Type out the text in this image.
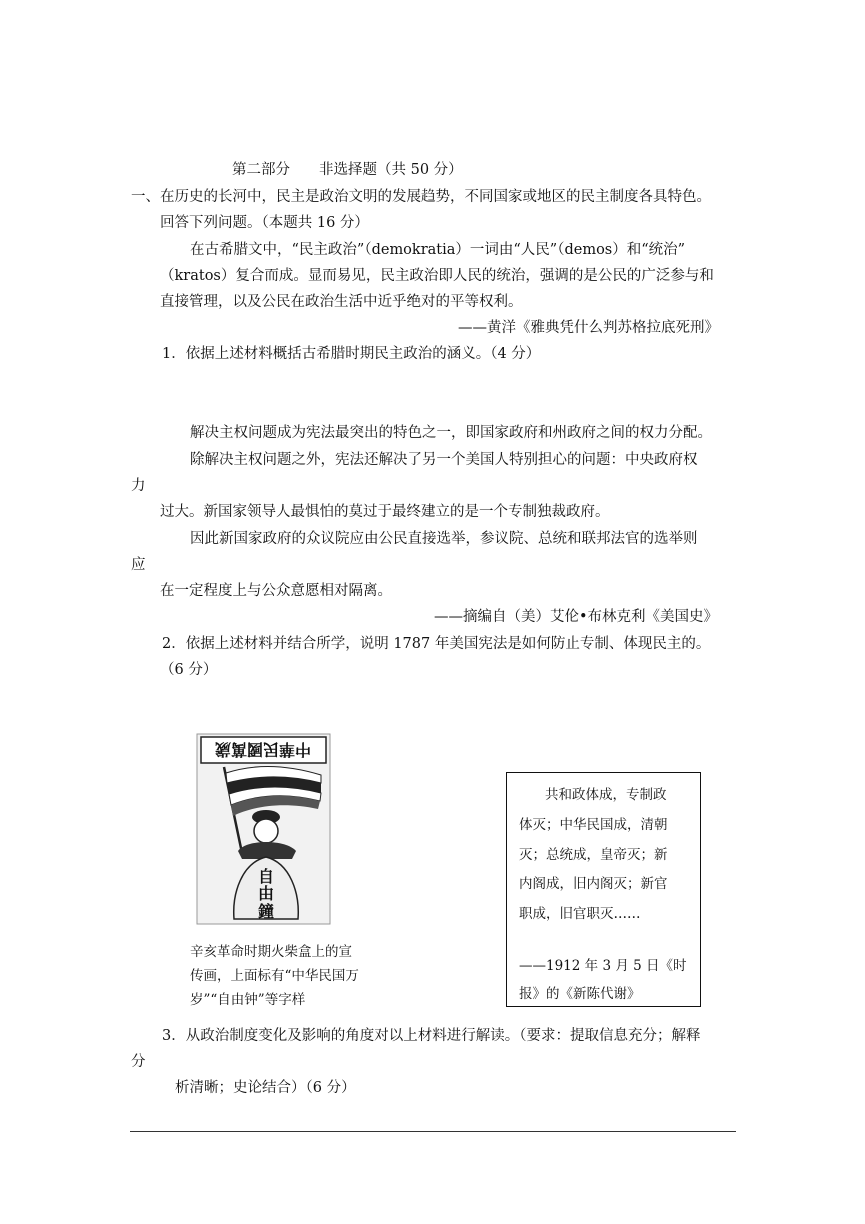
第二部分　　非选择题（共 50 分）
一、在历史的长河中，民主是政治文明的发展趋势，不同国家或地区的民主制度各具特色。
回答下列问题。（本题共 16 分）
在古希腊文中，“民主政治”（demokratia）一词由“人民”（demos）和“统治”
（kratos）复合而成。显而易见，民主政治即人民的统治，强调的是公民的广泛参与和
直接管理，以及公民在政治生活中近乎绝对的平等权利。
——黄洋《雅典凭什么判苏格拉底死刑》
1．依据上述材料概括古希腊时期民主政治的涵义。（4 分）
解决主权问题成为宪法最突出的特色之一，即国家政府和州政府之间的权力分配。
除解决主权问题之外，宪法还解决了另一个美国人特别担心的问题：中央政府权
力
过大。新国家领导人最惧怕的莫过于最终建立的是一个专制独裁政府。
因此新国家政府的众议院应由公民直接选举，参议院、总统和联邦法官的选举则
应
在一定程度上与公众意愿相对隔离。
——摘编自（美）艾伦•布林克利《美国史》
2．依据上述材料并结合所学，说明 1787 年美国宪法是如何防止专制、体现民主的。
（6 分）
中華民國萬歲
自
由
鐘
辛亥革命时期火柴盒上的宣
传画，上面标有“中华民国万
岁”“自由钟”等字样
共和政体成，专制政
体灭；中华民国成，清朝
灭；总统成，皇帝灭；新
内阁成，旧内阁灭；新官
职成，旧官职灭……
——1912 年 3 月 5 日《时
报》的《新陈代谢》
3．从政治制度变化及影响的角度对以上材料进行解读。（要求：提取信息充分；解释
分
析清晰；史论结合）（6 分）
